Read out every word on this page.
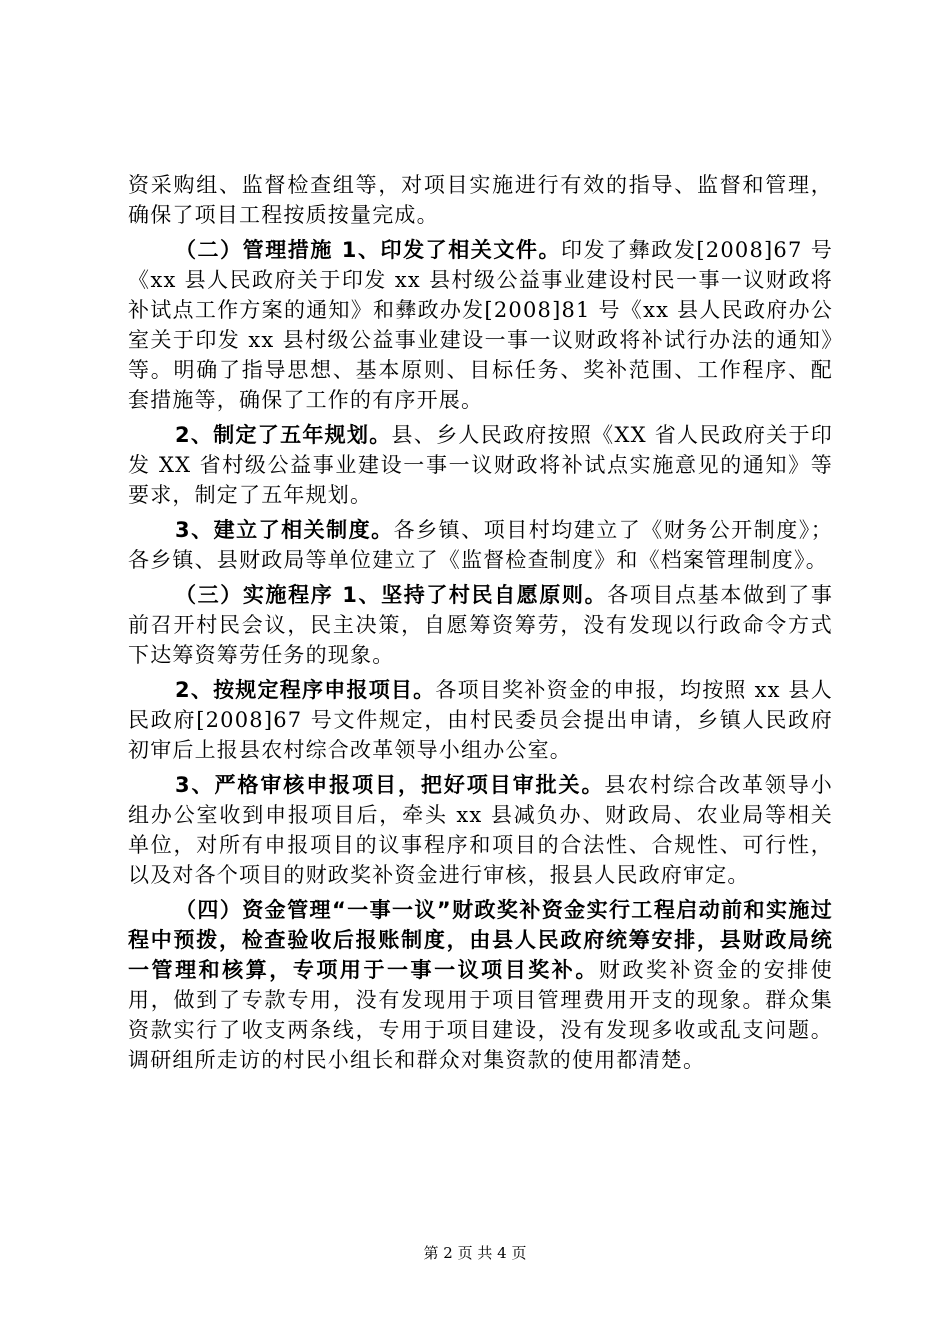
资采购组、监督检查组等，对项目实施进行有效的指导、监督和管理，确保了项目工程按质按量完成。

（二）管理措施 1、印发了相关文件。印发了彝政发[2008]67 号《xx 县人民政府关于印发 xx 县村级公益事业建设村民一事一议财政将补试点工作方案的通知》和彝政办发[2008]81 号《xx 县人民政府办公室关于印发 xx 县村级公益事业建设一事一议财政将补试行办法的通知》等。明确了指导思想、基本原则、目标任务、奖补范围、工作程序、配套措施等，确保了工作的有序开展。

2、制定了五年规划。县、乡人民政府按照《XX 省人民政府关于印发 XX 省村级公益事业建设一事一议财政将补试点实施意见的通知》等要求，制定了五年规划。

3、建立了相关制度。各乡镇、项目村均建立了《财务公开制度》；各乡镇、县财政局等单位建立了《监督检查制度》和《档案管理制度》。

（三）实施程序 1、坚持了村民自愿原则。各项目点基本做到了事前召开村民会议，民主决策，自愿筹资筹劳，没有发现以行政命令方式下达筹资筹劳任务的现象。

2、按规定程序申报项目。各项目奖补资金的申报，均按照 xx 县人民政府[2008]67 号文件规定，由村民委员会提出申请，乡镇人民政府初审后上报县农村综合改革领导小组办公室。

3、严格审核申报项目，把好项目审批关。县农村综合改革领导小组办公室收到申报项目后，牵头 xx 县减负办、财政局、农业局等相关单位，对所有申报项目的议事程序和项目的合法性、合规性、可行性，以及对各个项目的财政奖补资金进行审核，报县人民政府审定。

（四）资金管理“一事一议”财政奖补资金实行工程启动前和实施过程中预拨，检查验收后报账制度，由县人民政府统筹安排，县财政局统一管理和核算，专项用于一事一议项目奖补。财政奖补资金的安排使用，做到了专款专用，没有发现用于项目管理费用开支的现象。群众集资款实行了收支两条线，专用于项目建设，没有发现多收或乱支问题。调研组所走访的村民小组长和群众对集资款的使用都清楚。

第 2 页 共 4 页
